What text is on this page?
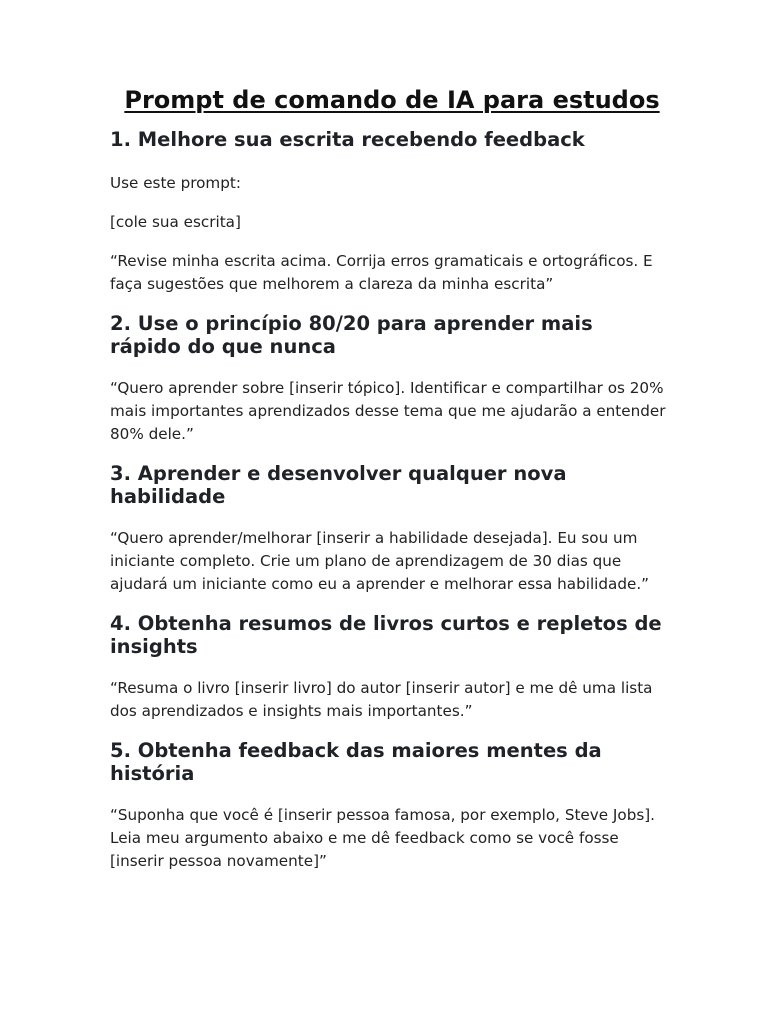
Prompt de comando de IA para estudos
1. Melhore sua escrita recebendo feedback

Use este prompt:

[cole sua escrita]

“Revise minha escrita acima. Corrija erros gramaticais e ortográficos. E faça sugestões que melhorem a clareza da minha escrita”

2. Use o princípio 80/20 para aprender mais rápido do que nunca

“Quero aprender sobre [inserir tópico]. Identificar e compartilhar os 20% mais importantes aprendizados desse tema que me ajudarão a entender 80% dele.”

3. Aprender e desenvolver qualquer nova habilidade

“Quero aprender/melhorar [inserir a habilidade desejada]. Eu sou um iniciante completo. Crie um plano de aprendizagem de 30 dias que ajudará um iniciante como eu a aprender e melhorar essa habilidade.”

4. Obtenha resumos de livros curtos e repletos de insights

“Resuma o livro [inserir livro] do autor [inserir autor] e me dê uma lista dos aprendizados e insights mais importantes.”

5. Obtenha feedback das maiores mentes da história

“Suponha que você é [inserir pessoa famosa, por exemplo, Steve Jobs]. Leia meu argumento abaixo e me dê feedback como se você fosse [inserir pessoa novamente]”
